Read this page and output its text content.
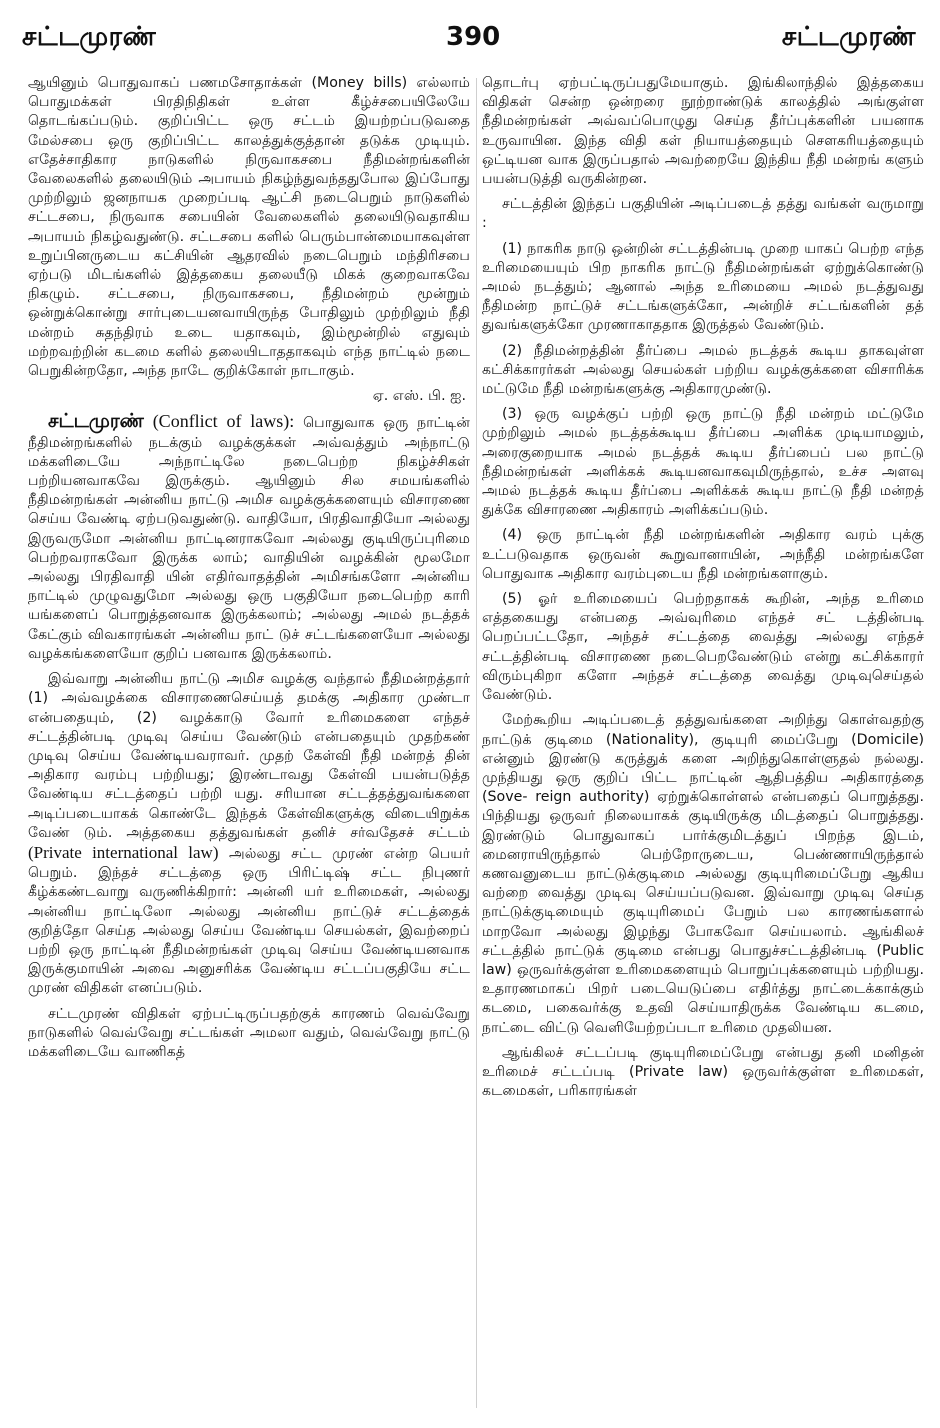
சட்டமுரண்	390	சட்டமுரண்

ஆயினும் பொதுவாகப் பணமசோதாக்கள் (Money bills) எல்லாம் பொதுமக்கள் பிரதிநிதிகள் உள்ள கீழ்ச்சபையிலேயே தொடங்கப்படும். குறிப்பிட்ட ஒரு சட்டம் இயற்றப்படுவதை மேல்சபை ஒரு குறிப்பிட்ட காலத்துக்குத்தான் தடுக்க முடியும். எதேச்சாதிகார நாடுகளில் நிருவாகசபை நீதிமன்றங்களின் வேலைகளில் தலையிடும் அபாயம் நிகழ்ந்துவந்ததுபோல இப்போது முற்றிலும் ஜனநாயக முறைப்படி ஆட்சி நடைபெறும் நாடுகளில் சட்டசபை, நிருவாக சபையின் வேலைகளில் தலையிடுவதாகிய அபாயம் நிகழ்வதுண்டு. சட்டசபை களில் பெரும்பான்மையாகவுள்ள உறுப்பினருடைய கட்சியின் ஆதரவில் நடைபெறும் மந்திரிசபை ஏற்படு மிடங்களில் இத்தகைய தலையீடு மிகக் குறைவாகவே நிகழும். சட்டசபை, நிருவாகசபை, நீதிமன்றம் மூன்றும் ஒன்றுக்கொன்று சார்புடையனவாயிருந்த போதிலும் முற்றிலும் நீதி மன்றம் சுதந்திரம் உடை யதாகவும், இம்மூன்றில் எதுவும் மற்றவற்றின் கடமை களில் தலையிடாததாகவும் எந்த நாட்டில் நடை பெறுகின்றதோ, அந்த நாடே குறிக்கோள் நாடாகும்.

ஏ. எஸ். பி. ஐ.

சட்டமுரண் (Conflict of laws): பொதுவாக ஒரு நாட்டின் நீதிமன்றங்களில் நடக்கும் வழக்குக்கள் அவ்வத்தும் அந்நாட்டு மக்களிடையே அந்நாட்டிலே நடைபெற்ற நிகழ்ச்சிகள் பற்றியனவாகவே இருக்கும். ஆயினும் சில சமயங்களில் நீதிமன்றங்கள் அன்னிய நாட்டு அமிச வழக்குக்களையும் விசாரணை செய்ய வேண்டி ஏற்படுவதுண்டு. வாதியோ, பிரதிவாதியோ அல்லது இருவருமோ அன்னிய நாட்டினராகவோ அல்லது குடியிருப்புரிமை பெற்றவராகவோ இருக்க லாம்; வாதியின் வழக்கின் மூலமோ அல்லது பிரதிவாதி யின் எதிர்வாதத்தின் அமிசங்களோ அன்னிய நாட்டில் முழுவதுமோ அல்லது ஒரு பகுதியோ நடைபெற்ற காரி யங்களைப் பொறுத்தனவாக இருக்கலாம்; அல்லது அமல் நடத்தக் கேட்கும் விவகாரங்கள் அன்னிய நாட் டுச் சட்டங்களையோ அல்லது வழக்கங்களையோ குறிப் பனவாக இருக்கலாம்.

இவ்வாறு அன்னிய நாட்டு அமிச வழக்கு வந்தால் நீதிமன்றத்தார் (1) அவ்வழக்கை விசாரணைசெய்யத் தமக்கு அதிகார முண்டா என்பதையும், (2) வழக்காடு வோர் உரிமைகளை எந்தச் சட்டத்தின்படி முடிவு செய்ய வேண்டும் என்பதையும் முதற்கண் முடிவு செய்ய வேண்டியவராவர். முதற் கேள்வி நீதி மன்றத் தின் அதிகார வரம்பு பற்றியது; இரண்டாவது கேள்வி பயன்படுத்த வேண்டிய சட்டத்தைப் பற்றி யது. சரியான சட்டத்தத்துவங்களை அடிப்படையாகக் கொண்டே இந்தக் கேள்விகளுக்கு விடையிறுக்க வேண் டும். அத்தகைய தத்துவங்கள் தனிச் சர்வதேசச் சட்டம் (Private international law) அல்லது சட்ட முரண் என்ற பெயர் பெறும். இந்தச் சட்டத்தை ஒரு பிரிட்டிஷ் சட்ட நிபுணர் கீழ்க்கண்டவாறு வருணிக்கிறார்: அன்னி யர் உரிமைகள், அல்லது அன்னிய நாட்டிலோ அல்லது அன்னிய நாட்டுச் சட்டத்தைக் குறித்தோ செய்த அல்லது செய்ய வேண்டிய செயல்கள், இவற்றைப் பற்றி ஒரு நாட்டின் நீதிமன்றங்கள் முடிவு செய்ய வேண்டியனவாக இருக்குமாயின் அவை அனுசரிக்க வேண்டிய சட்டப்பகுதியே சட்ட முரண் விதிகள் எனப்படும்.

சட்டமுரண் விதிகள் ஏற்பட்டிருப்பதற்குக் காரணம் வெவ்வேறு நாடுகளில் வெவ்வேறு சட்டங்கள் அமலா வதும், வெவ்வேறு நாட்டு மக்களிடையே வாணிகத்

தொடர்பு ஏற்பட்டிருப்பதுமேயாகும். இங்கிலாந்தில் இத்தகைய விதிகள் சென்ற ஒன்றரை நூற்றாண்டுக் காலத்தில் அங்குள்ள நீதிமன்றங்கள் அவ்வப்பொழுது செய்த தீர்ப்புக்களின் பயனாக உருவாயின. இந்த விதி கள் நியாயத்தையும் சௌகரியத்தையும் ஒட்டியன வாக இருப்பதால் அவற்றையே இந்திய நீதி மன்றங் களும் பயன்படுத்தி வருகின்றன.

சட்டத்தின் இந்தப் பகுதியின் அடிப்படைத் தத்து வங்கள் வருமாறு :

(1) நாகரிக நாடு ஒன்றின் சட்டத்தின்படி முறை யாகப் பெற்ற எந்த உரிமையையும் பிற நாகரிக நாட்டு நீதிமன்றங்கள் ஏற்றுக்கொண்டு அமல் நடத்தும்; ஆனால் அந்த உரிமையை அமல் நடத்துவது நீதிமன்ற நாட்டுச் சட்டங்களுக்கோ, அன்றிச் சட்டங்களின் தத் துவங்களுக்கோ முரணாகாததாக இருத்தல் வேண்டும்.

(2) நீதிமன்றத்தின் தீர்ப்பை அமல் நடத்தக் கூடிய தாகவுள்ள கட்சிக்காரர்கள் அல்லது செயல்கள் பற்றிய வழக்குக்களை விசாரிக்க மட்டுமே நீதி மன்றங்களுக்கு அதிகாரமுண்டு.

(3) ஒரு வழக்குப் பற்றி ஒரு நாட்டு நீதி மன்றம் மட்டுமே முற்றிலும் அமல் நடத்தக்கூடிய தீர்ப்பை அளிக்க முடியாமலும், அரைகுறையாக அமல் நடத்தக் கூடிய தீர்ப்பைப் பல நாட்டு நீதிமன்றங்கள் அளிக்கக் கூடியனவாகவுமிருந்தால், உச்ச அளவு அமல் நடத்தக் கூடிய தீர்ப்பை அளிக்கக் கூடிய நாட்டு நீதி மன்றத் துக்கே விசாரணை அதிகாரம் அளிக்கப்படும்.

(4) ஒரு நாட்டின் நீதி மன்றங்களின் அதிகார வரம் புக்கு உட்படுவதாக ஒருவன் கூறுவானாயின், அந்நீதி மன்றங்களே பொதுவாக அதிகார வரம்புடைய நீதி மன்றங்களாகும்.

(5) ஓர் உரிமையைப் பெற்றதாகக் கூறின், அந்த உரிமை எத்தகையது என்பதை அவ்வுரிமை எந்தச் சட் டத்தின்படி பெறப்பட்டதோ, அந்தச் சட்டத்தை வைத்து அல்லது எந்தச் சட்டத்தின்படி விசாரணை நடைபெறவேண்டும் என்று கட்சிக்காரர் விரும்புகிறா களோ அந்தச் சட்டத்தை வைத்து முடிவுசெய்தல் வேண்டும்.

மேற்கூறிய அடிப்படைத் தத்துவங்களை அறிந்து கொள்வதற்கு நாட்டுக் குடிமை (Nationality), குடியுரி மைப்பேறு (Domicile) என்னும் இரண்டு கருத்துக் களை அறிந்துகொள்ளுதல் நல்லது. முந்தியது ஒரு குறிப் பிட்ட நாட்டின் ஆதிபத்திய அதிகாரத்தை (Sove- reign authority) ஏற்றுக்கொள்ளல் என்பதைப் பொறுத்தது. பிந்தியது ஒருவர் நிலையாகக் குடியிருக்கு மிடத்தைப் பொறுத்தது. இரண்டும் பொதுவாகப் பார்க்குமிடத்துப் பிறந்த இடம், மைனராயிருந்தால் பெற்றோருடைய, பெண்ணாயிருந்தால் கணவனுடைய நாட்டுக்குடிமை அல்லது குடியுரிமைப்பேறு ஆகிய வற்றை வைத்து முடிவு செய்யப்படுவன. இவ்வாறு முடிவு செய்த நாட்டுக்குடிமையும் குடியுரிமைப் பேறும் பல காரணங்களால் மாறவோ அல்லது இழந்து போகவோ செய்யலாம். ஆங்கிலச் சட்டத்தில் நாட்டுக் குடிமை என்பது பொதுச்சட்டத்தின்படி (Public law) ஒருவர்க்குள்ள உரிமைகளையும் பொறுப்புக்களையும் பற்றியது. உதாரணமாகப் பிறர் படையெடுப்பை எதிர்த்து நாட்டைக்காக்கும் கடமை, பகைவர்க்கு உதவி செய்யாதிருக்க வேண்டிய கடமை, நாட்டை விட்டு வெளியேற்றப்படா உரிமை முதலியன.

ஆங்கிலச் சட்டப்படி குடியுரிமைப்பேறு என்பது தனி மனிதன் உரிமைச் சட்டப்படி (Private law) ஒருவர்க்குள்ள உரிமைகள், கடமைகள், பரிகாரங்கள்
